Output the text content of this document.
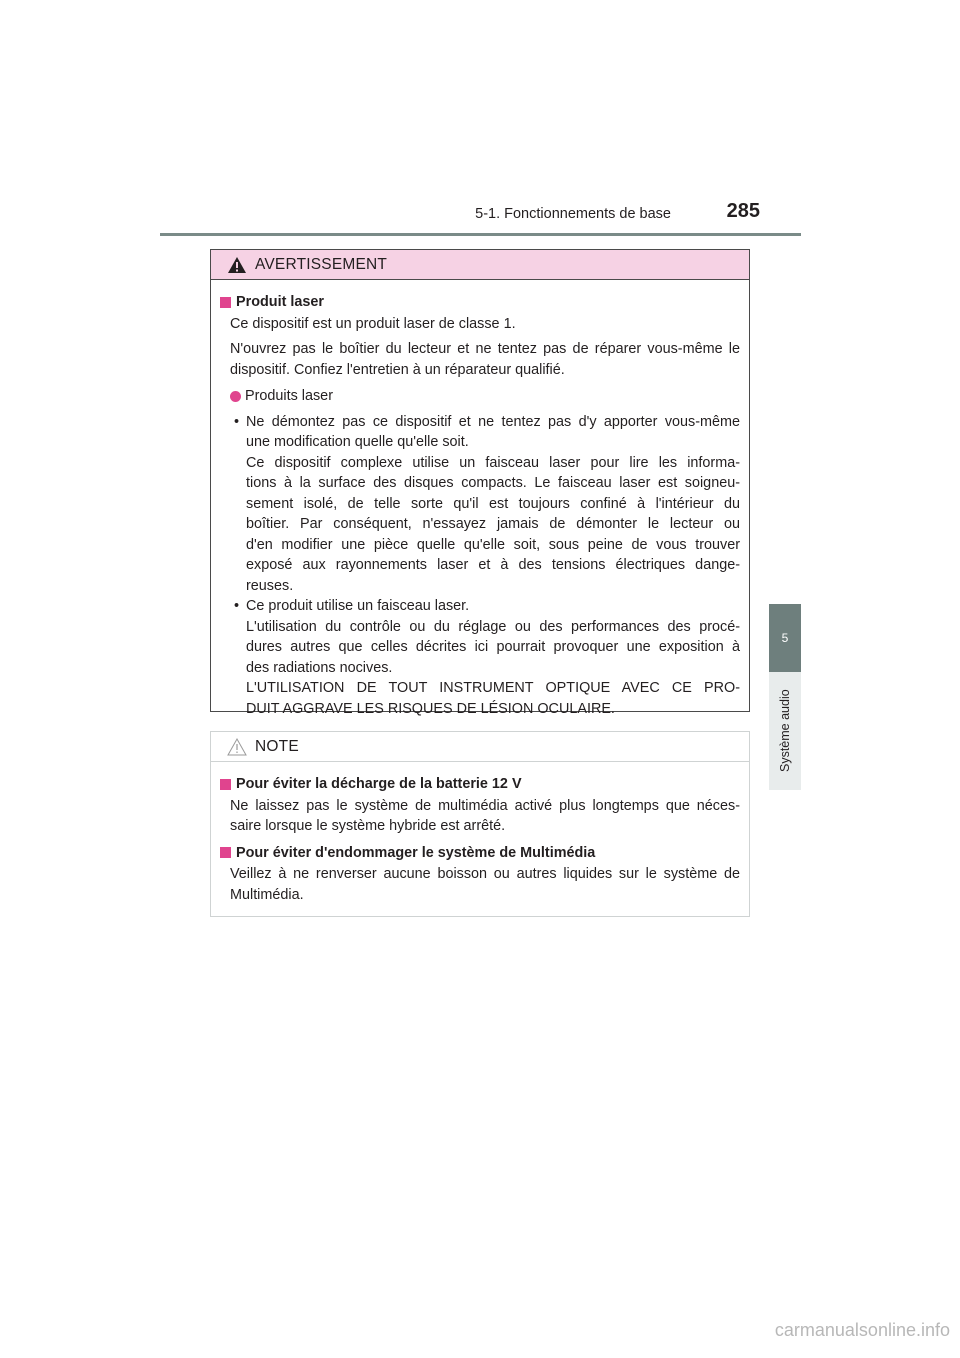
5-1. Fonctionnements de base	285
5
Système audio
AVERTISSEMENT
Produit laser
Ce dispositif est un produit laser de classe 1.
N'ouvrez pas le boîtier du lecteur et ne tentez pas de réparer vous-même le
dispositif. Confiez l'entretien à un réparateur qualifié.
Produits laser
• Ne démontez pas ce dispositif et ne tentez pas d'y apporter vous-même
une modification quelle qu'elle soit.
Ce dispositif complexe utilise un faisceau laser pour lire les informa-
tions à la surface des disques compacts. Le faisceau laser est soigneu-
sement isolé, de telle sorte qu'il est toujours confiné à l'intérieur du
boîtier. Par conséquent, n'essayez jamais de démonter le lecteur ou
d'en modifier une pièce quelle qu'elle soit, sous peine de vous trouver
exposé aux rayonnements laser et à des tensions électriques dange-
reuses.
• Ce produit utilise un faisceau laser.
L'utilisation du contrôle ou du réglage ou des performances des procé-
dures autres que celles décrites ici pourrait provoquer une exposition à
des radiations nocives.
L'UTILISATION DE TOUT INSTRUMENT OPTIQUE AVEC CE PRO-
DUIT AGGRAVE LES RISQUES DE LÉSION OCULAIRE.
NOTE
Pour éviter la décharge de la batterie 12 V
Ne laissez pas le système de multimédia activé plus longtemps que néces-
saire lorsque le système hybride est arrêté.
Pour éviter d'endommager le système de Multimédia
Veillez à ne renverser aucune boisson ou autres liquides sur le système de
Multimédia.
carmanualsonline.info
